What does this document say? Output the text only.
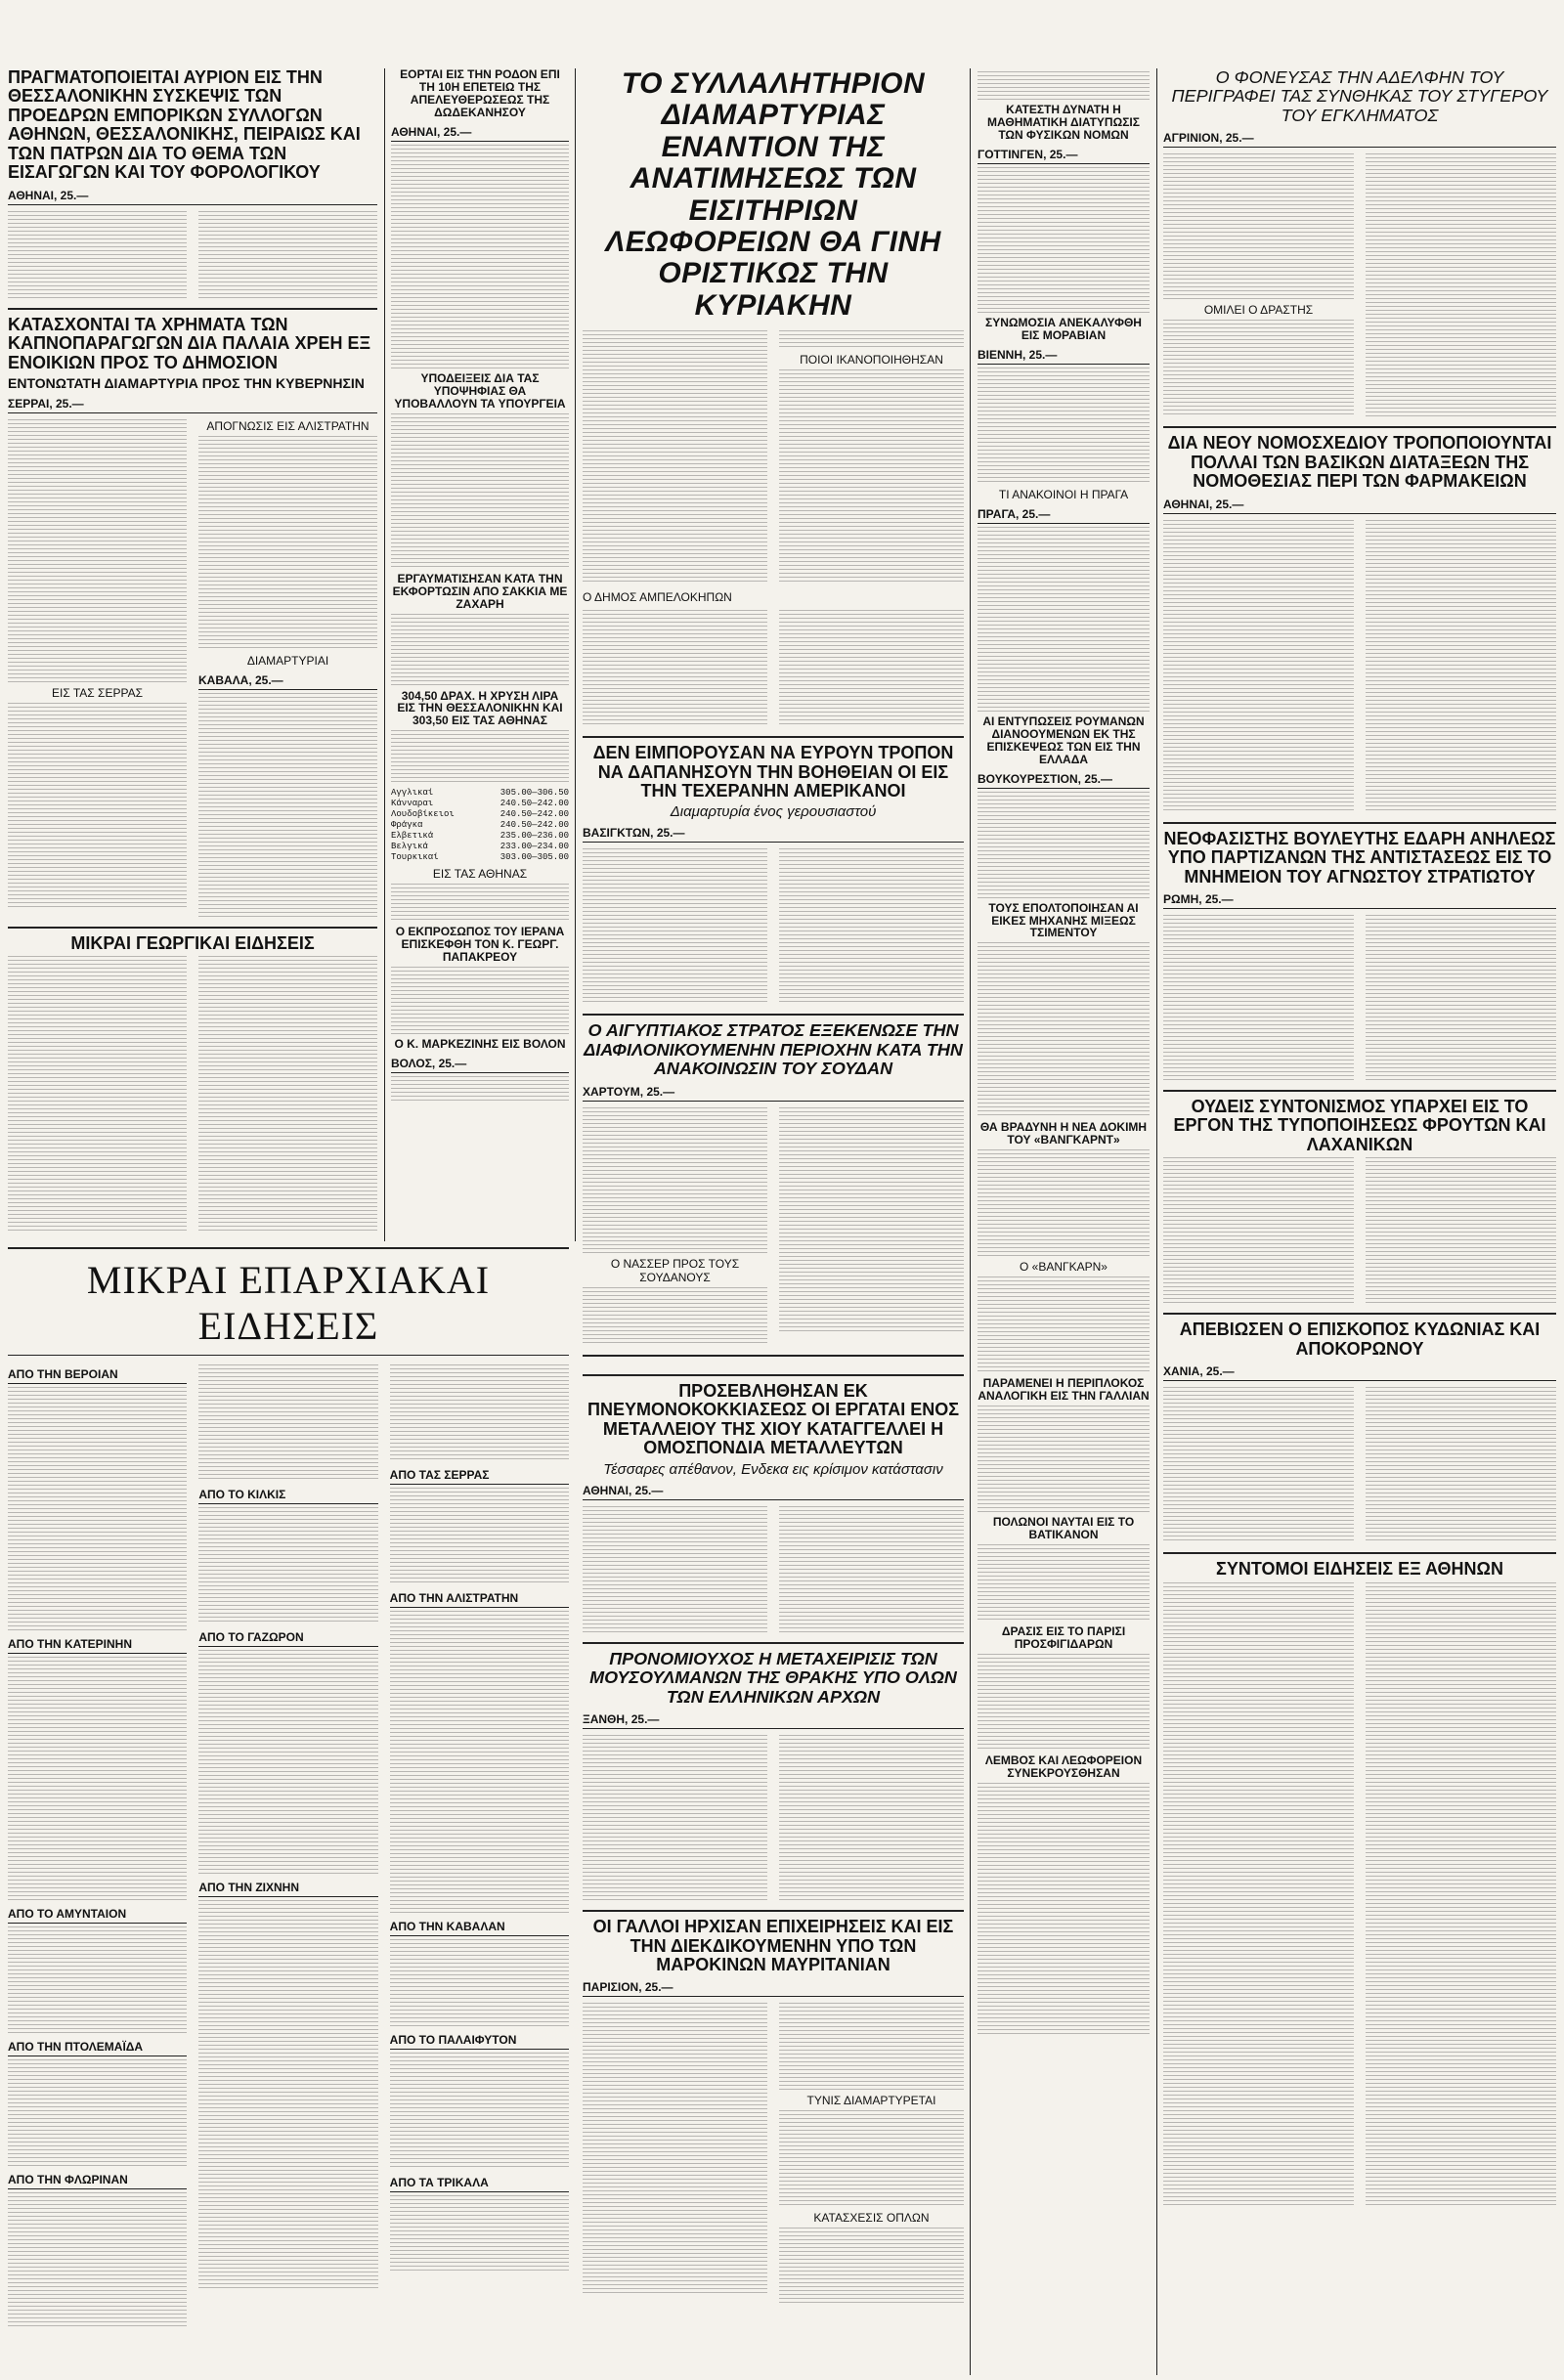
ΠΡΑΓΜΑΤΟΠΟΙΕΙΤΑΙ ΑΥΡΙΟΝ ΕΙΣ ΤΗΝ ΘΕΣΣΑΛΟΝΙΚΗΝ ΣΥΣΚΕΨΙΣ ΤΩΝ ΠΡΟΕΔΡΩΝ ΕΜΠΟΡΙΚΩΝ ΣΥΛΛΟΓΩΝ ΑΘΗΝΩΝ, ΘΕΣΣΑΛΟΝΙΚΗΣ, ΠΕΙΡΑΙΩΣ ΚΑΙ ΤΩΝ ΠΑΤΡΩΝ ΔΙΑ ΤΟ ΘΕΜΑ ΤΩΝ ΕΙΣΑΓΩΓΩΝ ΚΑΙ ΤΟΥ ΦΟΡΟΛΟΓΙΚΟΥ
ΑΘΗΝΑΙ, 25.—
ΚΑΤΑΣΧΟΝΤΑΙ ΤΑ ΧΡΗΜΑΤΑ ΤΩΝ ΚΑΠΝΟΠΑΡΑΓΩΓΩΝ ΔΙΑ ΠΑΛΑΙΑ ΧΡΕΗ ΕΞ ΕΝΟΙΚΙΩΝ ΠΡΟΣ ΤΟ ΔΗΜΟΣΙΟΝ
ΕΝΤΟΝΩΤΑΤΗ ΔΙΑΜΑΡΤΥΡΙΑ ΠΡΟΣ ΤΗΝ ΚΥΒΕΡΝΗΣΙΝ
ΣΕΡΡΑΙ, 25.—
ΕΙΣ ΤΑΣ ΣΕΡΡΑΣ
ΑΠΟΓΝΩΣΙΣ ΕΙΣ ΑΛΙΣΤΡΑΤΗΝ
ΔΙΑΜΑΡΤΥΡΙΑΙ
ΚΑΒΑΛΑ, 25.—
ΜΙΚΡΑΙ ΓΕΩΡΓΙΚΑΙ ΕΙΔΗΣΕΙΣ
ΕΟΡΤΑΙ ΕΙΣ ΤΗΝ ΡΟΔΟΝ ΕΠΙ ΤΗ 10Η ΕΠΕΤΕΙΩ ΤΗΣ ΑΠΕΛΕΥΘΕΡΩΣΕΩΣ ΤΗΣ ΔΩΔΕΚΑΝΗΣΟΥ
ΑΘΗΝΑΙ, 25.—
ΥΠΟΔΕΙΞΕΙΣ ΔΙΑ ΤΑΣ ΥΠΟΨΗΦΙΑΣ ΘΑ ΥΠΟΒΑΛΛΟΥΝ ΤΑ ΥΠΟΥΡΓΕΙΑ
ΕΡΓΑΥΜΑΤΙΣΗΣΑΝ ΚΑΤΑ ΤΗΝ ΕΚΦΟΡΤΩΣΙΝ ΑΠΟ ΣΑΚΚΙΑ ΜΕ ΖΑΧΑΡΗ
304,50 ΔΡΑΧ. Η ΧΡΥΣΗ ΛΙΡΑ ΕΙΣ ΤΗΝ ΘΕΣΣΑΛΟΝΙΚΗΝ ΚΑΙ 303,50 ΕΙΣ ΤΑΣ ΑΘΗΝΑΣ
Αγγλικαί	305.00—306.50
Κάνναραι	240.50—242.00
Λουδοβίκειοι	240.50—242.00
Φράγκα	240.50—242.00
Ελβετικά	235.00—236.00
Βελγικά	233.00—234.00
Τουρκικαί	303.00—305.00
ΕΙΣ ΤΑΣ ΑΘΗΝΑΣ
Ο ΕΚΠΡΟΣΩΠΟΣ ΤΟΥ ΙΕΡΑΝΑ ΕΠΙΣΚΕΦΘΗ ΤΟΝ Κ. ΓΕΩΡΓ. ΠΑΠΑΚΡΕΟΥ
Ο Κ. ΜΑΡΚΕΖΙΝΗΣ ΕΙΣ ΒΟΛΟΝ
ΒΟΛΟΣ, 25.—
ΤΟ ΣΥΛΛΑΛΗΤΗΡΙΟΝ ΔΙΑΜΑΡΤΥΡΙΑΣ ΕΝΑΝΤΙΟΝ ΤΗΣ ΑΝΑΤΙΜΗΣΕΩΣ ΤΩΝ ΕΙΣΙΤΗΡΙΩΝ ΛΕΩΦΟΡΕΙΩΝ ΘΑ ΓΙΝΗ ΟΡΙΣΤΙΚΩΣ ΤΗΝ ΚΥΡΙΑΚΗΝ
ΠΟΙΟΙ ΙΚΑΝΟΠΟΙΗΘΗΣΑΝ
Ο ΔΗΜΟΣ ΑΜΠΕΛΟΚΗΠΩΝ
ΔΕΝ ΕΙΜΠΟΡΟΥΣΑΝ ΝΑ ΕΥΡΟΥΝ ΤΡΟΠΟΝ ΝΑ ΔΑΠΑΝΗΣΟΥΝ ΤΗΝ ΒΟΗΘΕΙΑΝ ΟΙ ΕΙΣ ΤΗΝ ΤΕΧΕΡΑΝΗΝ ΑΜΕΡΙΚΑΝΟΙ
Διαμαρτυρία ένος γερουσιαστού
ΒΑΣΙΓΚΤΩΝ, 25.—
Ο ΑΙΓΥΠΤΙΑΚΟΣ ΣΤΡΑΤΟΣ ΕΞΕΚΕΝΩΣΕ ΤΗΝ ΔΙΑΦΙΛΟΝΙΚΟΥΜΕΝΗΝ ΠΕΡΙΟΧΗΝ ΚΑΤΑ ΤΗΝ ΑΝΑΚΟΙΝΩΣΙΝ ΤΟΥ ΣΟΥΔΑΝ
ΧΑΡΤΟΥΜ, 25.—
Ο ΝΑΣΣΕΡ ΠΡΟΣ ΤΟΥΣ ΣΟΥΔΑΝΟΥΣ
ΚΑΤΕΣΤΗ ΔΥΝΑΤΗ Η ΜΑΘΗΜΑΤΙΚΗ ΔΙΑΤΥΠΩΣΙΣ ΤΩΝ ΦΥΣΙΚΩΝ ΝΟΜΩΝ
ΓΟΤΤΙΝΓΕΝ, 25.—
ΣΥΝΩΜΟΣΙΑ ΑΝΕΚΑΛΥΦΘΗ ΕΙΣ ΜΟΡΑΒΙΑΝ
ΒΙΕΝΝΗ, 25.—
ΤΙ ΑΝΑΚΟΙΝΟΙ Η ΠΡΑΓΑ
ΠΡΑΓΑ, 25.—
ΑΙ ΕΝΤΥΠΩΣΕΙΣ ΡΟΥΜΑΝΩΝ ΔΙΑΝΟΟΥΜΕΝΩΝ ΕΚ ΤΗΣ ΕΠΙΣΚΕΨΕΩΣ ΤΩΝ ΕΙΣ ΤΗΝ ΕΛΛΑΔΑ
ΒΟΥΚΟΥΡΕΣΤΙΟΝ, 25.—
ΤΟΥΣ ΕΠΟΛΤΟΠΟΙΗΣΑΝ ΑΙ ΕΙΚΕΣ ΜΗΧΑΝΗΣ ΜΙΞΕΩΣ ΤΣΙΜΕΝΤΟΥ
ΘΑ ΒΡΑΔΥΝΗ Η ΝΕΑ ΔΟΚΙΜΗ ΤΟΥ «ΒΑΝΓΚΑΡΝΤ»
Ο «ΒΑΝΓΚΑΡΝ»
ΠΑΡΑΜΕΝΕΙ Η ΠΕΡΙΠΛΟΚΟΣ ΑΝΑΛΟΓΙΚΗ ΕΙΣ ΤΗΝ ΓΑΛΛΙΑΝ
ΠΟΛΩΝΟΙ ΝΑΥΤΑΙ ΕΙΣ ΤΟ ΒΑΤΙΚΑΝΟΝ
ΔΡΑΣΙΣ ΕΙΣ ΤΟ ΠΑΡΙΣΙ ΠΡΟΣΦΙΓΙΔΑΡΩΝ
ΛΕΜΒΟΣ ΚΑΙ ΛΕΩΦΟΡΕΙΟΝ ΣΥΝΕΚΡΟΥΣΘΗΣΑΝ
Ο ΦΟΝΕΥΣΑΣ ΤΗΝ ΑΔΕΛΦΗΝ ΤΟΥ ΠΕΡΙΓΡΑΦΕΙ ΤΑΣ ΣΥΝΘΗΚΑΣ ΤΟΥ ΣΤΥΓΕΡΟΥ ΤΟΥ ΕΓΚΛΗΜΑΤΟΣ
ΑΓΡΙΝΙΟΝ, 25.—
ΟΜΙΛΕΙ Ο ΔΡΑΣΤΗΣ
ΔΙΑ ΝΕΟΥ ΝΟΜΟΣΧΕΔΙΟΥ ΤΡΟΠΟΠΟΙΟΥΝΤΑΙ ΠΟΛΛΑΙ ΤΩΝ ΒΑΣΙΚΩΝ ΔΙΑΤΑΞΕΩΝ ΤΗΣ ΝΟΜΟΘΕΣΙΑΣ ΠΕΡΙ ΤΩΝ ΦΑΡΜΑΚΕΙΩΝ
ΑΘΗΝΑΙ, 25.—
ΝΕΟΦΑΣΙΣΤΗΣ ΒΟΥΛΕΥΤΗΣ ΕΔΑΡΗ ΑΝΗΛΕΩΣ ΥΠΟ ΠΑΡΤΙΖΑΝΩΝ ΤΗΣ ΑΝΤΙΣΤΑΣΕΩΣ ΕΙΣ ΤΟ ΜΝΗΜΕΙΟΝ ΤΟΥ ΑΓΝΩΣΤΟΥ ΣΤΡΑΤΙΩΤΟΥ
ΡΩΜΗ, 25.—
ΟΥΔΕΙΣ ΣΥΝΤΟΝΙΣΜΟΣ ΥΠΑΡΧΕΙ ΕΙΣ ΤΟ ΕΡΓΟΝ ΤΗΣ ΤΥΠΟΠΟΙΗΣΕΩΣ ΦΡΟΥΤΩΝ ΚΑΙ ΛΑΧΑΝΙΚΩΝ
ΑΠΕΒΙΩΣΕΝ Ο ΕΠΙΣΚΟΠΟΣ ΚΥΔΩΝΙΑΣ ΚΑΙ ΑΠΟΚΟΡΩΝΟΥ
ΧΑΝΙΑ, 25.—
ΣΥΝΤΟΜΟΙ ΕΙΔΗΣΕΙΣ ΕΞ ΑΘΗΝΩΝ
ΜΙΚΡΑΙ ΕΠΑΡΧΙΑΚΑΙ ΕΙΔΗΣΕΙΣ
ΑΠΟ ΤΗΝ ΒΕΡΟΙΑΝ
ΑΠΟ ΤΗΝ ΚΑΤΕΡΙΝΗΝ
ΑΠΟ ΤΟ ΑΜΥΝΤΑΙΟΝ
ΑΠΟ ΤΗΝ ΠΤΟΛΕΜΑΪΔΑ
ΑΠΟ ΤΗΝ ΦΛΩΡΙΝΑΝ
ΑΠΟ ΤΟ ΚΙΛΚΙΣ
ΑΠΟ ΤΟ ΓΑΖΩΡΟΝ
ΑΠΟ ΤΗΝ ΖΙΧΝΗΝ
ΑΠΟ ΤΑΣ ΣΕΡΡΑΣ
ΑΠΟ ΤΗΝ ΑΛΙΣΤΡΑΤΗΝ
ΑΠΟ ΤΗΝ ΚΑΒΑΛΑΝ
ΑΠΟ ΤΟ ΠΑΛΑΙΦΥΤΟΝ
ΑΠΟ ΤΑ ΤΡΙΚΑΛΑ
ΠΡΟΣΕΒΛΗΘΗΣΑΝ ΕΚ ΠΝΕΥΜΟΝΟΚΟΚΚΙΑΣΕΩΣ ΟΙ ΕΡΓΑΤΑΙ ΕΝΟΣ ΜΕΤΑΛΛΕΙΟΥ ΤΗΣ ΧΙΟΥ ΚΑΤΑΓΓΕΛΛΕΙ Η ΟΜΟΣΠΟΝΔΙΑ ΜΕΤΑΛΛΕΥΤΩΝ
Τέσσαρες απέθανον, Ενδεκα εις κρίσιμον κατάστασιν
ΑΘΗΝΑΙ, 25.—
ΠΡΟΝΟΜΙΟΥΧΟΣ Η ΜΕΤΑΧΕΙΡΙΣΙΣ ΤΩΝ ΜΟΥΣΟΥΛΜΑΝΩΝ ΤΗΣ ΘΡΑΚΗΣ ΥΠΟ ΟΛΩΝ ΤΩΝ ΕΛΛΗΝΙΚΩΝ ΑΡΧΩΝ
ΞΑΝΘΗ, 25.—
ΟΙ ΓΑΛΛΟΙ ΗΡΧΙΣΑΝ ΕΠΙΧΕΙΡΗΣΕΙΣ ΚΑΙ ΕΙΣ ΤΗΝ ΔΙΕΚΔΙΚΟΥΜΕΝΗΝ ΥΠΟ ΤΩΝ ΜΑΡΟΚΙΝΩΝ ΜΑΥΡΙΤΑΝΙΑΝ
ΠΑΡΙΣΙΟΝ, 25.—
ΤΥΝΙΣ ΔΙΑΜΑΡΤΥΡΕΤΑΙ
ΚΑΤΑΣΧΕΣΙΣ ΟΠΛΩΝ
